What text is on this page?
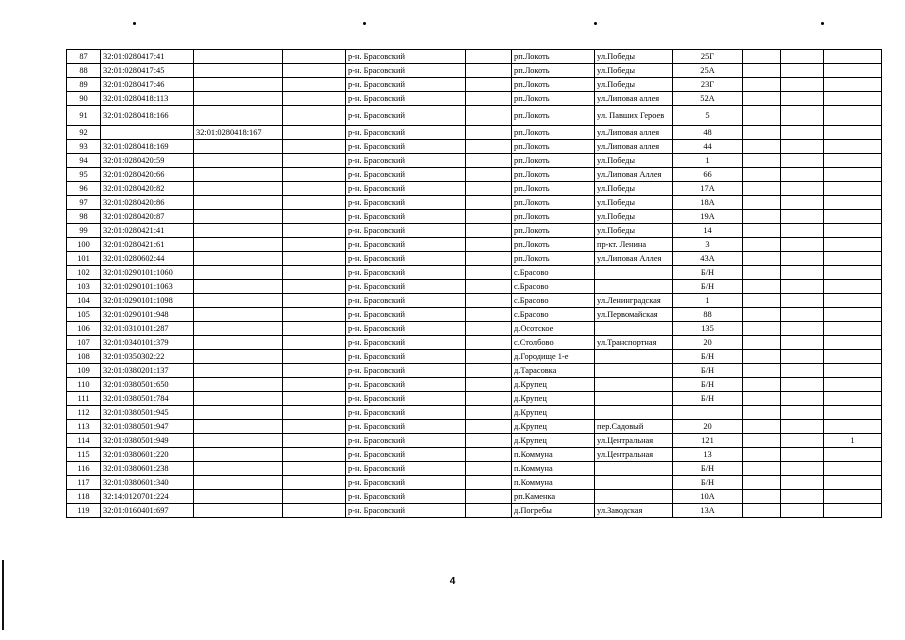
87	32:01:0280417:41			р-н. Брасовский		рп.Локоть	ул.Победы	25Г			
88	32:01:0280417:45			р-н. Брасовский		рп.Локоть	ул.Победы	25А			
89	32:01:0280417:46			р-н. Брасовский		рп.Локоть	ул.Победы	23Г			
90	32:01:0280418:113			р-н. Брасовский		рп.Локоть	ул.Липовая аллея	52А			
91	32:01:0280418:166			р-н. Брасовский		рп.Локоть	ул. Павших Героев	5			
92		32:01:0280418:167		р-н. Брасовский		рп.Локоть	ул.Липовая аллея	48			
93	32:01:0280418:169			р-н. Брасовский		рп.Локоть	ул.Липовая аллея	44			
94	32:01:0280420:59			р-н. Брасовский		рп.Локоть	ул.Победы	1			
95	32:01:0280420:66			р-н. Брасовский		рп.Локоть	ул.Липовая Аллея	66			
96	32:01:0280420:82			р-н. Брасовский		рп.Локоть	ул.Победы	17А			
97	32:01:0280420:86			р-н. Брасовский		рп.Локоть	ул.Победы	18А			
98	32:01:0280420:87			р-н. Брасовский		рп.Локоть	ул.Победы	19А			
99	32:01:0280421:41			р-н. Брасовский		рп.Локоть	ул.Победы	14			
100	32:01:0280421:61			р-н. Брасовский		рп.Локоть	пр-кт. Ленина	3			
101	32:01:0280602:44			р-н. Брасовский		рп.Локоть	ул.Липовая Аллея	43А			
102	32:01:0290101:1060			р-н. Брасовский		с.Брасово		Б/Н			
103	32:01:0290101:1063			р-н. Брасовский		с.Брасово		Б/Н			
104	32:01:0290101:1098			р-н. Брасовский		с.Брасово	ул.Ленинградская	1			
105	32:01:0290101:948			р-н. Брасовский		с.Брасово	ул.Первомайская	88			
106	32:01:0310101:287			р-н. Брасовский		д.Осотское		135			
107	32:01:0340101:379			р-н. Брасовский		с.Столбово	ул.Транспортная	20			
108	32:01:0350302:22			р-н. Брасовский		д.Городище 1-е		Б/Н			
109	32:01:0380201:137			р-н. Брасовский		д.Тарасовка		Б/Н			
110	32:01:0380501:650			р-н. Брасовский		д.Крупец		Б/Н			
111	32:01:0380501:784			р-н. Брасовский		д.Крупец		Б/Н			
112	32:01:0380501:945			р-н. Брасовский		д.Крупец					
113	32:01:0380501:947			р-н. Брасовский		д.Крупец	пер.Садовый	20			
114	32:01:0380501:949			р-н. Брасовский		д.Крупец	ул.Центральная	121			1
115	32:01:0380601:220			р-н. Брасовский		п.Коммуна	ул.Центральная	13			
116	32:01:0380601:238			р-н. Брасовский		п.Коммуна		Б/Н			
117	32:01:0380601:340			р-н. Брасовский		п.Коммуна		Б/Н			
118	32:14:0120701:224			р-н. Брасовский		рп.Каменка		10А			
119	32:01:0160401:697			р-н. Брасовский		д.Погребы	ул.Заводская	13А			
4
